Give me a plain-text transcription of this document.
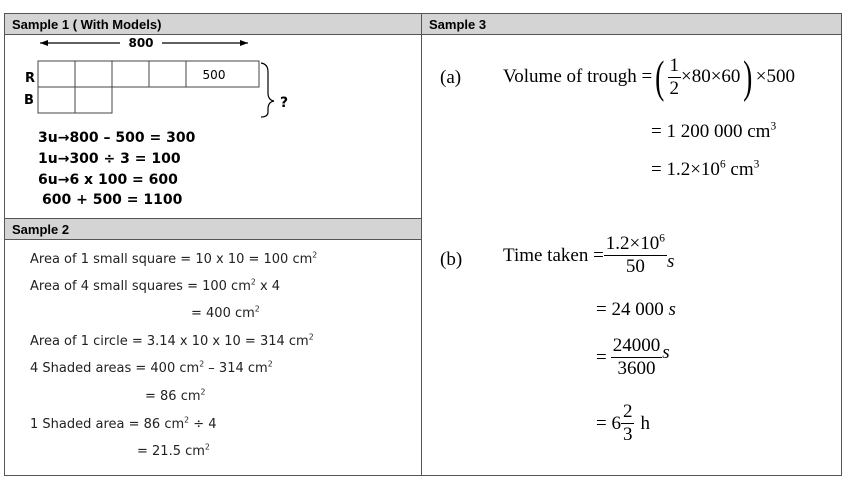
Sample 1 ( With Models)
800
500
R
B	?
3u→800 – 500 = 300
1u→300 ÷ 3 = 100
6u→6 x 100 = 600
600 + 500 = 1100
Sample 2
Area of 1 small square = 10 x 10 = 100 $cm^2$
Area of 4 small squares = 100 $cm^2$ x 4
= 400 $cm^2$
Area of 1 circle = 3.14 x 10 x 10 = 314 $cm^2$
4 Shaded areas = 400 $cm^2 - 314$ $cm^2$
= 86 $cm^2$
1 Shaded area = 86 $cm^2 \div 4$
= 21.5 $cm^2$
Sample 3
(a) Volume of trough = ( $\frac{1}{2} \times 80\times 60$ ) ×500
= 1 200 000 $cm^3$
= $1.2\times 10^6$ $cm^3$
(b) Time taken = $\frac{1.2\times 10^6}{50}$ s
= 24 000 s
= $\frac{24000}{3600}$ s
= $6 \frac{2}{3}$ h
